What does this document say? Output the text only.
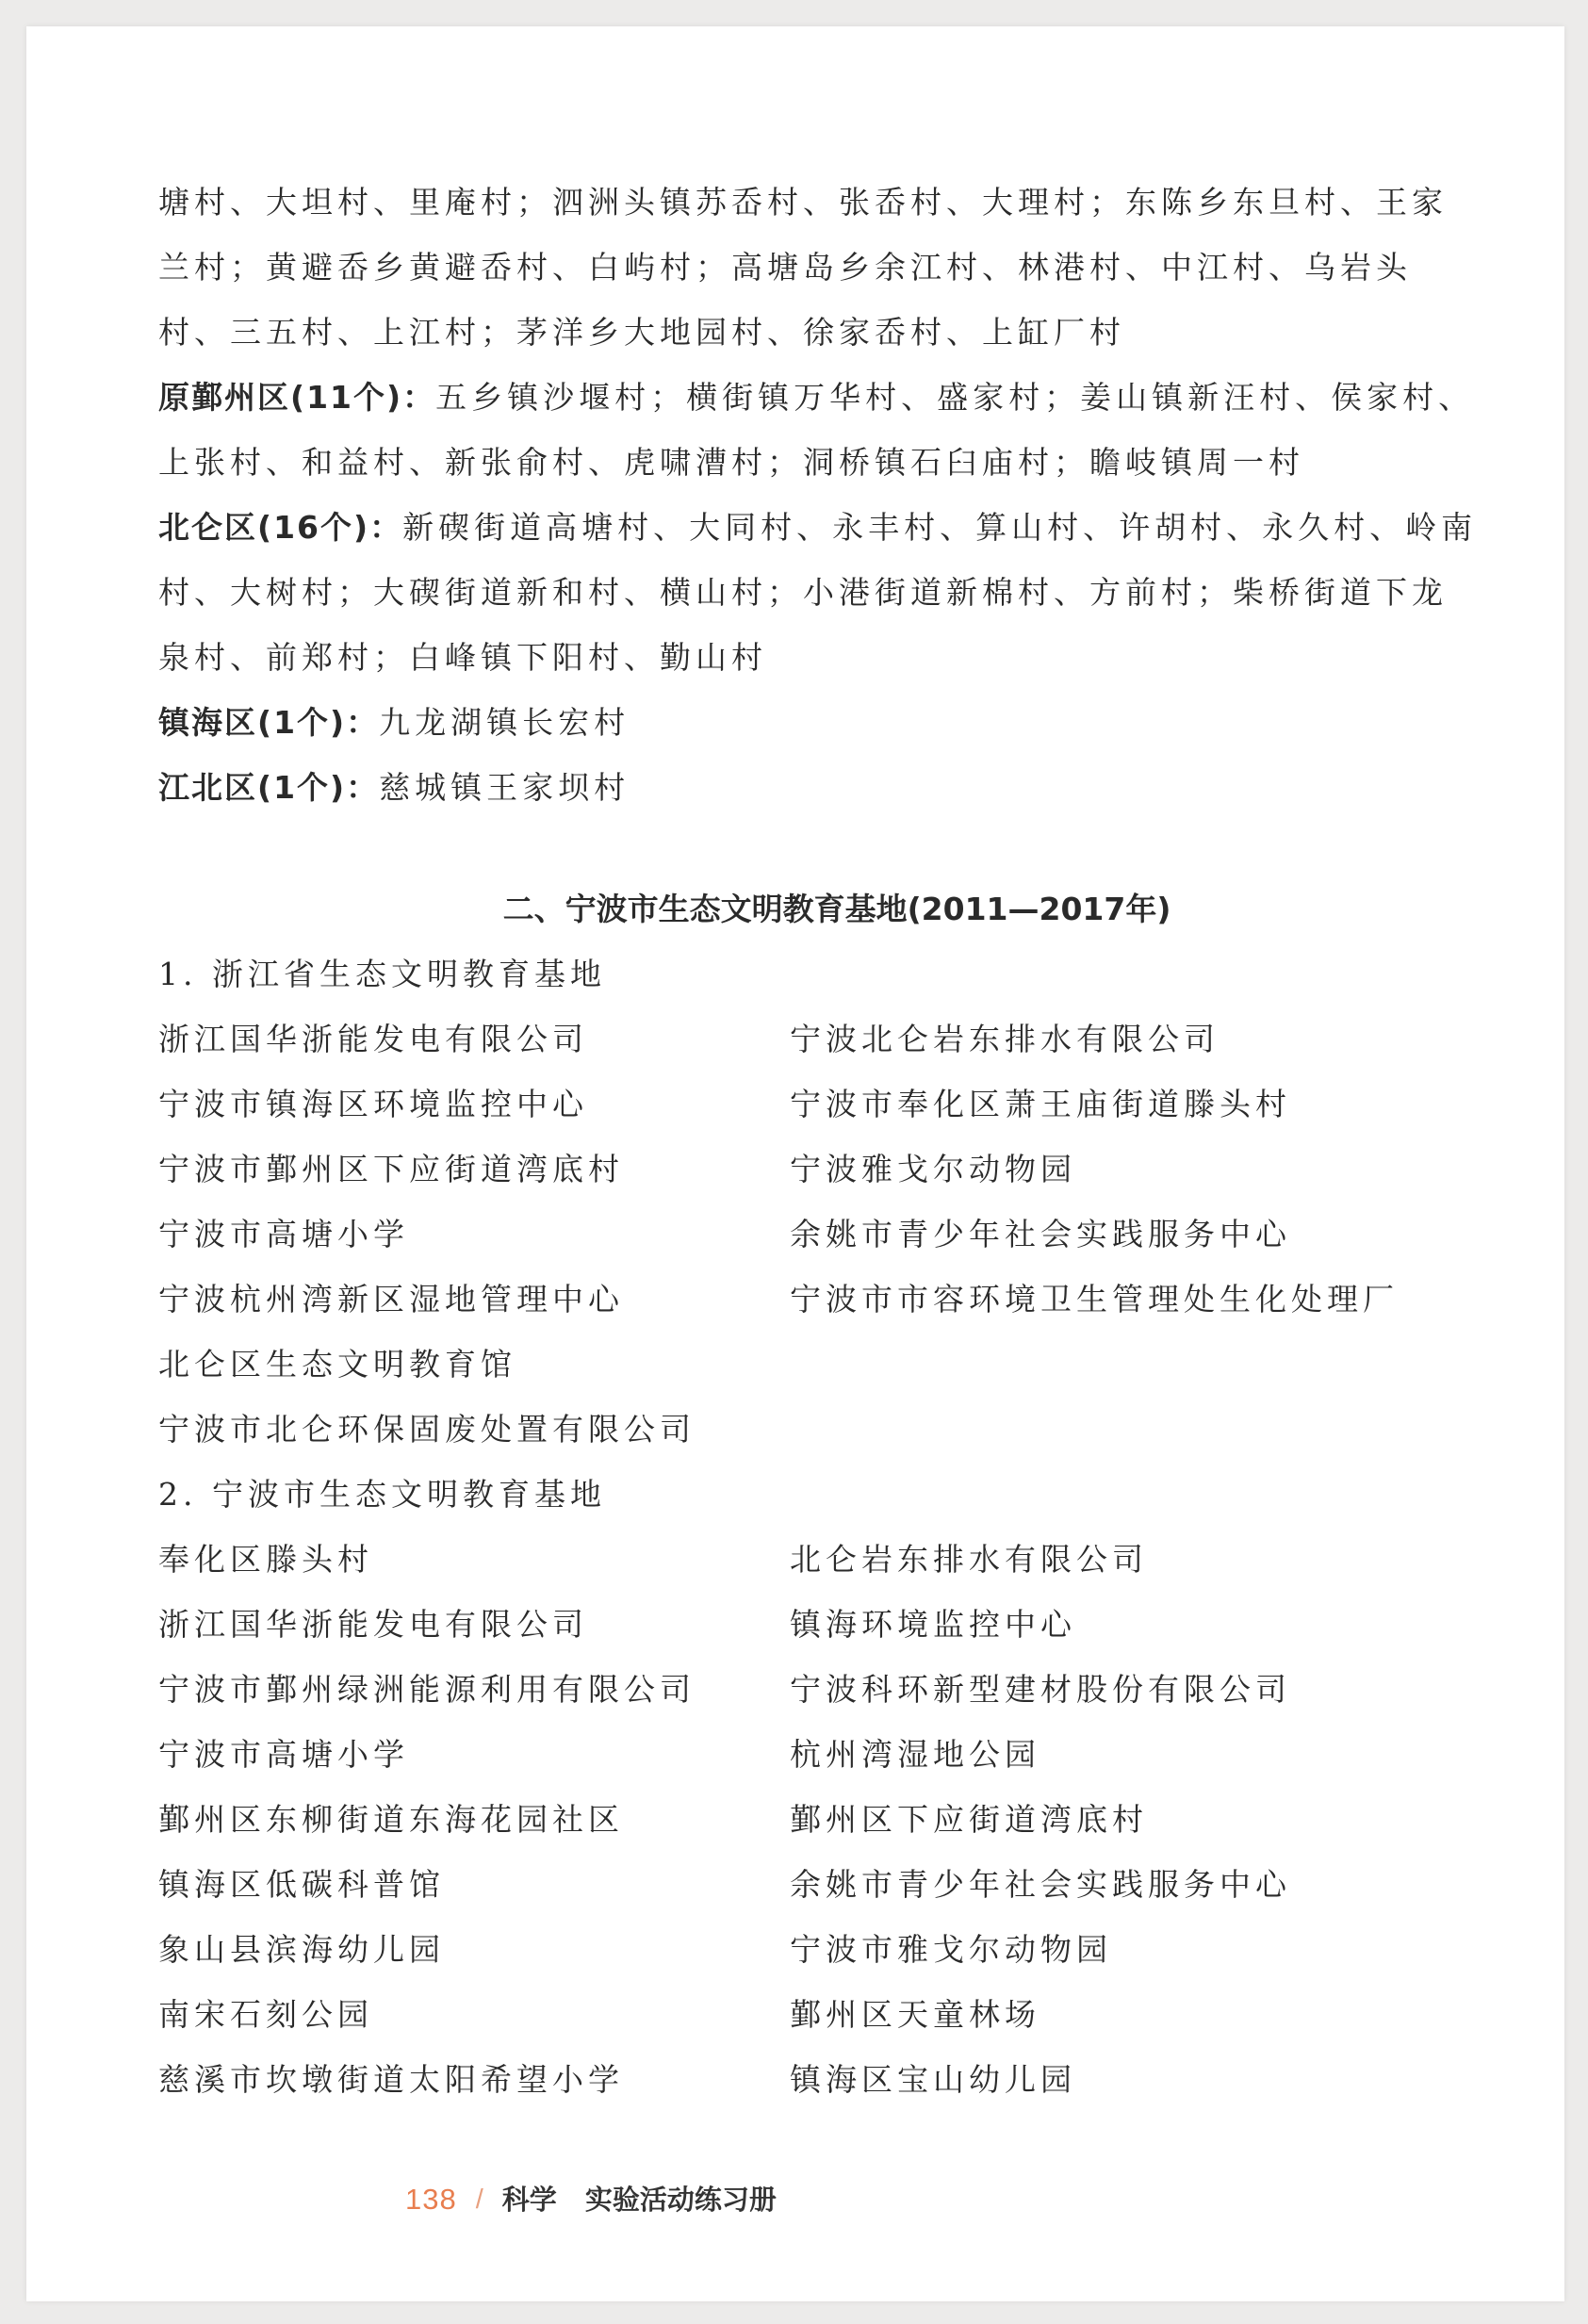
塘村、大坦村、里庵村；泗洲头镇苏岙村、张岙村、大理村；东陈乡东旦村、王家兰村；黄避岙乡黄避岙村、白屿村；高塘岛乡余江村、林港村、中江村、乌岩头村、三五村、上江村；茅洋乡大地园村、徐家岙村、上缸厂村

原鄞州区(11个)：五乡镇沙堰村；横街镇万华村、盛家村；姜山镇新汪村、侯家村、上张村、和益村、新张俞村、虎啸漕村；洞桥镇石臼庙村；瞻岐镇周一村

北仑区(16个)：新碶街道高塘村、大同村、永丰村、算山村、许胡村、永久村、岭南村、大树村；大碶街道新和村、横山村；小港街道新棉村、方前村；柴桥街道下龙泉村、前郑村；白峰镇下阳村、勤山村

镇海区(1个)：九龙湖镇长宏村

江北区(1个)：慈城镇王家坝村

二、宁波市生态文明教育基地(2011—2017年)

1. 浙江省生态文明教育基地

浙江国华浙能发电有限公司	宁波北仑岩东排水有限公司
宁波市镇海区环境监控中心	宁波市奉化区萧王庙街道滕头村
宁波市鄞州区下应街道湾底村	宁波雅戈尔动物园
宁波市高塘小学	余姚市青少年社会实践服务中心
宁波杭州湾新区湿地管理中心	宁波市市容环境卫生管理处生化处理厂
北仑区生态文明教育馆
宁波市北仑环保固废处置有限公司

2. 宁波市生态文明教育基地

奉化区滕头村	北仑岩东排水有限公司
浙江国华浙能发电有限公司	镇海环境监控中心
宁波市鄞州绿洲能源利用有限公司	宁波科环新型建材股份有限公司
宁波市高塘小学	杭州湾湿地公园
鄞州区东柳街道东海花园社区	鄞州区下应街道湾底村
镇海区低碳科普馆	余姚市青少年社会实践服务中心
象山县滨海幼儿园	宁波市雅戈尔动物园
南宋石刻公园	鄞州区天童林场
慈溪市坎墩街道太阳希望小学	镇海区宝山幼儿园
138 / 科学 实验活动练习册
